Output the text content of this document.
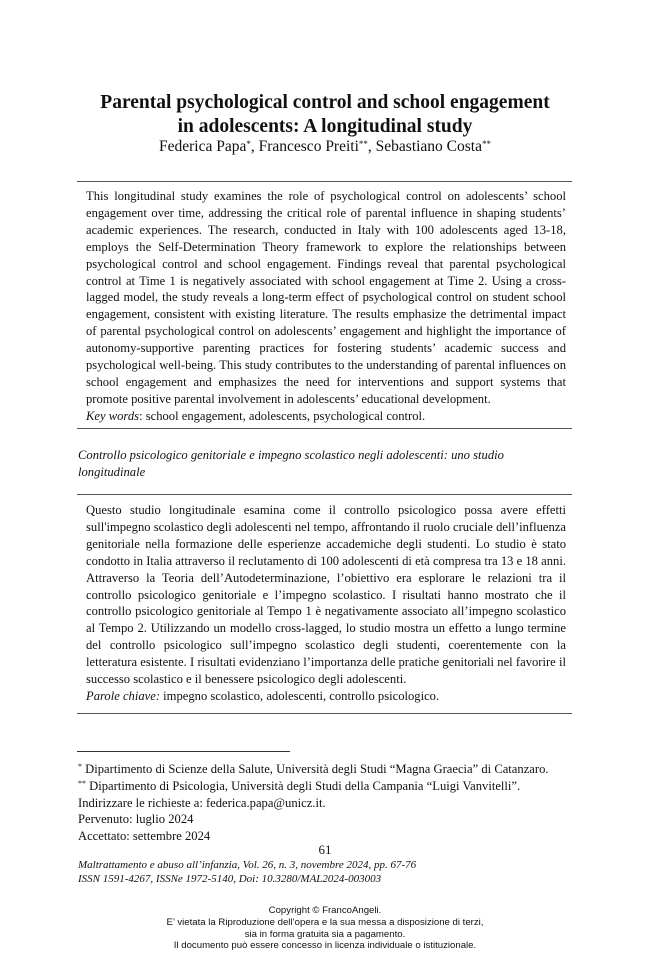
Parental psychological control and school engagement
in adolescents: A longitudinal study
Federica Papa*, Francesco Preiti**, Sebastiano Costa**

This longitudinal study examines the role of psychological control on adolescents’ school engagement over time, addressing the critical role of parental influence in shaping students’ academic experiences. The research, conducted in Italy with 100 adolescents aged 13-18, employs the Self-Determination Theory framework to explore the relationships between psychological control and school engagement. Findings reveal that parental psychological control at Time 1 is negatively associated with school engagement at Time 2. Using a cross-lagged model, the study reveals a long-term effect of psychological control on student school engagement, consistent with existing literature. The results emphasize the detrimental impact of parental psychological control on adolescents’ engagement and highlight the importance of autonomy-supportive parenting practices for fostering students’ academic success and psychological well-being. This study contributes to the understanding of parental influences on school engagement and emphasizes the need for interventions and support systems that promote positive parental involvement in adolescents’ educational development.

Key words: school engagement, adolescents, psychological control.

Controllo psicologico genitoriale e impegno scolastico negli adolescenti: uno studio longitudinale

Questo studio longitudinale esamina come il controllo psicologico possa avere effetti sull'impegno scolastico degli adolescenti nel tempo, affrontando il ruolo cruciale dell’influenza genitoriale nella formazione delle esperienze accademiche degli studenti. Lo studio è stato condotto in Italia attraverso il reclutamento di 100 adolescenti di età compresa tra 13 e 18 anni. Attraverso la Teoria dell’Autodeterminazione, l’obiettivo era esplorare le relazioni tra il controllo psicologico genitoriale e l’impegno scolastico. I risultati hanno mostrato che il controllo psicologico genitoriale al Tempo 1 è negativamente associato all’impegno scolastico al Tempo 2. Utilizzando un modello cross-lagged, lo studio mostra un effetto a lungo termine del controllo psicologico sull’impegno scolastico degli studenti, coerentemente con la letteratura esistente. I risultati evidenziano l’importanza delle pratiche genitoriali nel favorire il successo scolastico e il benessere psicologico degli adolescenti.

Parole chiave: impegno scolastico, adolescenti, controllo psicologico.

* Dipartimento di Scienze della Salute, Università degli Studi “Magna Graecia” di Catanzaro.
** Dipartimento di Psicologia, Università degli Studi della Campania “Luigi Vanvitelli”.
Indirizzare le richieste a: federica.papa@unicz.it.
Pervenuto: luglio 2024
Accettato: settembre 2024
61
Maltrattamento e abuso all’infanzia, Vol. 26, n. 3, novembre 2024, pp. 67-76
ISSN 1591-4267, ISSNe 1972-5140, Doi: 10.3280/MAL2024-003003
Copyright © FrancoAngeli.
E’ vietata la Riproduzione dell’opera e la sua messa a disposizione di terzi,
sia in forma gratuita sia a pagamento.
Il documento può essere concesso in licenza individuale o istituzionale.
